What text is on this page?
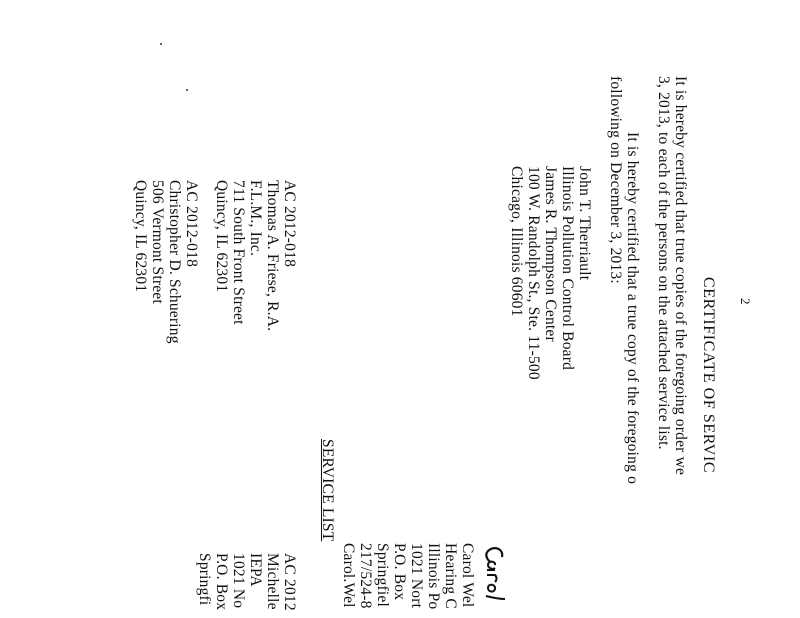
2
CERTIFICATE OF SERVIC
It is hereby certified that true copies of the foregoing order we
3, 2013, to each of the persons on the attached service list.
It is hereby certified that a true copy of the foregoing o
following on December 3, 2013:
John T. Therriault
Illinois Pollution Control Board
James R. Thompson Center
100 W. Randolph St., Ste. 11-500
Chicago, Illinois 60601
Carol Wel
Hearing C
Illinois Po
1021 Nort
P.O. Box
Springfiel
217/524-8
Carol.Wel
SERVICE LIST
AC 2012-018
Thomas A. Friese, R.A.
F.L.M., Inc.
711 South Front Street
Quincy, IL 62301
AC 2012
Michelle
IEPA
1021 No
P.O. Box
Springfi
AC 2012-018
Christopher D. Schuering
506 Vermont Street
Quincy, IL 62301
